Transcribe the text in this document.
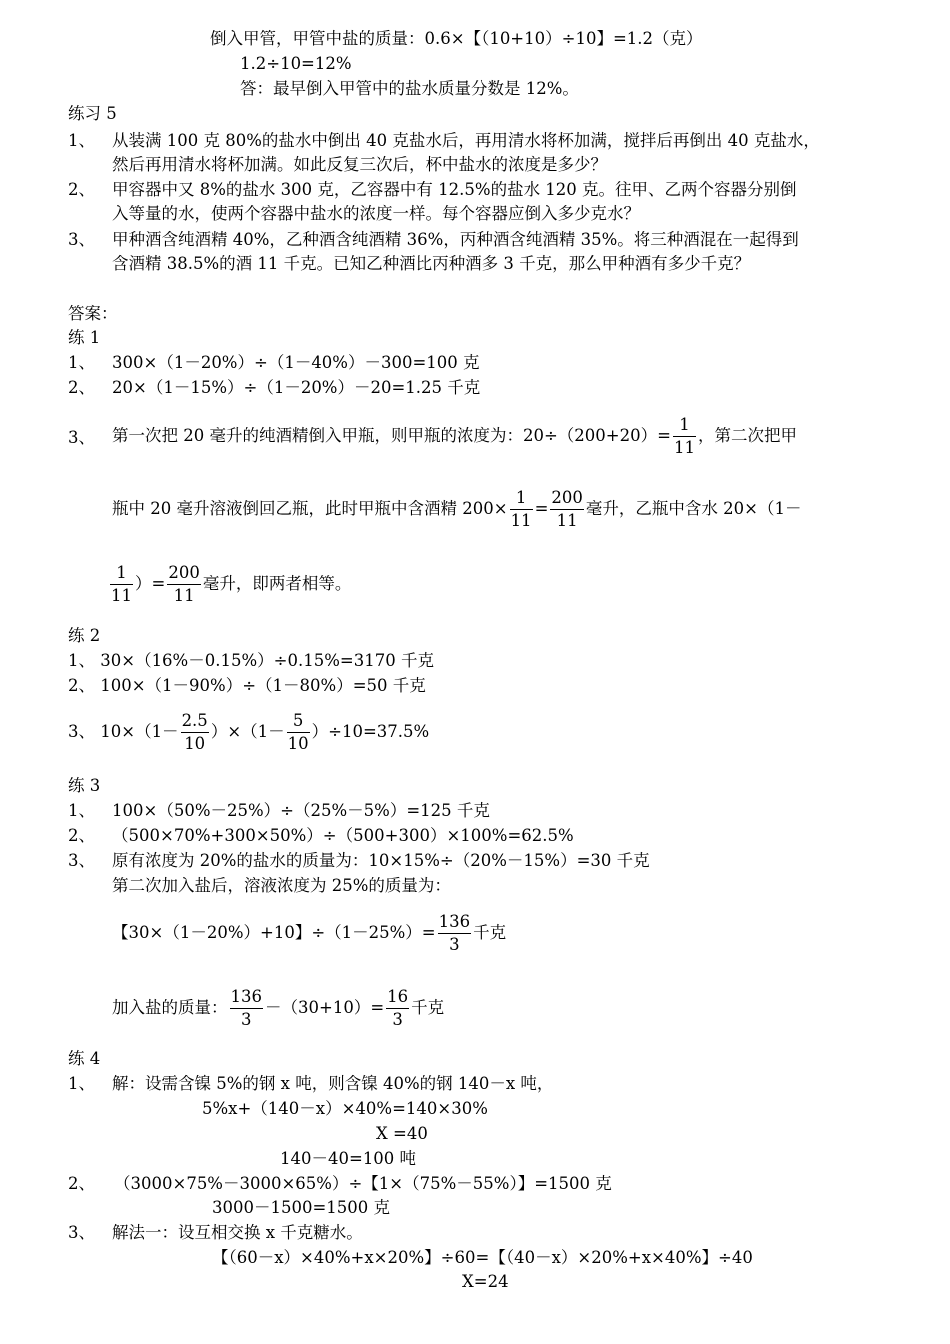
倒入甲管，甲管中盐的质量：0.6×【（10+10）÷10】=1.2（克）
1.2÷10=12%
答：最早倒入甲管中的盐水质量分数是 12%。
练习 5
1、 从装满 100 克 80%的盐水中倒出 40 克盐水后，再用清水将杯加满，搅拌后再倒出 40 克盐水，
然后再用清水将杯加满。如此反复三次后，杯中盐水的浓度是多少？
2、 甲容器中又 8%的盐水 300 克，乙容器中有 12.5%的盐水 120 克。往甲、乙两个容器分别倒
入等量的水，使两个容器中盐水的浓度一样。每个容器应倒入多少克水？
3、 甲种酒含纯酒精 40%，乙种酒含纯酒精 36%，丙种酒含纯酒精 35%。将三种酒混在一起得到
含酒精 38.5%的酒 11 千克。已知乙种酒比丙种酒多 3 千克，那么甲种酒有多少千克？
答案：
练 1
1、 300×（1－20%）÷（1－40%）－300=100 克
2、 20×（1－15%）÷（1－20%）－20=1.25 千克
3、 第一次把 20 毫升的纯酒精倒入甲瓶，则甲瓶的浓度为：$20\div(200+20)= \frac{1}{11}$ ，第二次把甲
瓶中 20 毫升溶液倒回乙瓶，此时甲瓶中含酒精 $200\times \frac{1}{11} = \frac{200}{11}$ 毫升，乙瓶中含水 20×（1－
$\frac{1}{11}$ ）= $\frac{200}{11}$ 毫升，即两者相等。
练 2
1、 30×（16%－0.15%）÷0.15%=3170 千克
2、 100×（1－90%）÷（1－80%）=50 千克
3、 $10\times(1- \frac{2.5}{10} )\times(1- \frac{5}{10} )\div 10=37.5\%$
练 3
1、 100×（50%－25%）÷（25%－5%）=125 千克
2、 （500×70%+300×50%）÷（500+300）×100%=62.5%
3、 原有浓度为 20%的盐水的质量为：10×15%÷（20%－15%）=30 千克
第二次加入盐后，溶液浓度为 25%的质量为：
【30×（1－20%）+10】$\div(1-25\%)= \frac{136}{3}$ 千克
加入盐的质量： $\frac{136}{3} -(30+10)= \frac{16}{3}$ 千克
练 4
1、 解：设需含镍 5%的钢 x 吨，则含镍 40%的钢 140－x 吨，
5%x+（140－x）×40%=140×30%
X =40
140－40=100 吨
2、 （3000×75%－3000×65%）÷【1×（75%－55%）】=1500 克
3000－1500=1500 克
3、 解法一：设互相交换 x 千克糖水。
【（60－x）×40%+x×20%】÷60=【（40－x）×20%+x×40%】÷40
X=24
